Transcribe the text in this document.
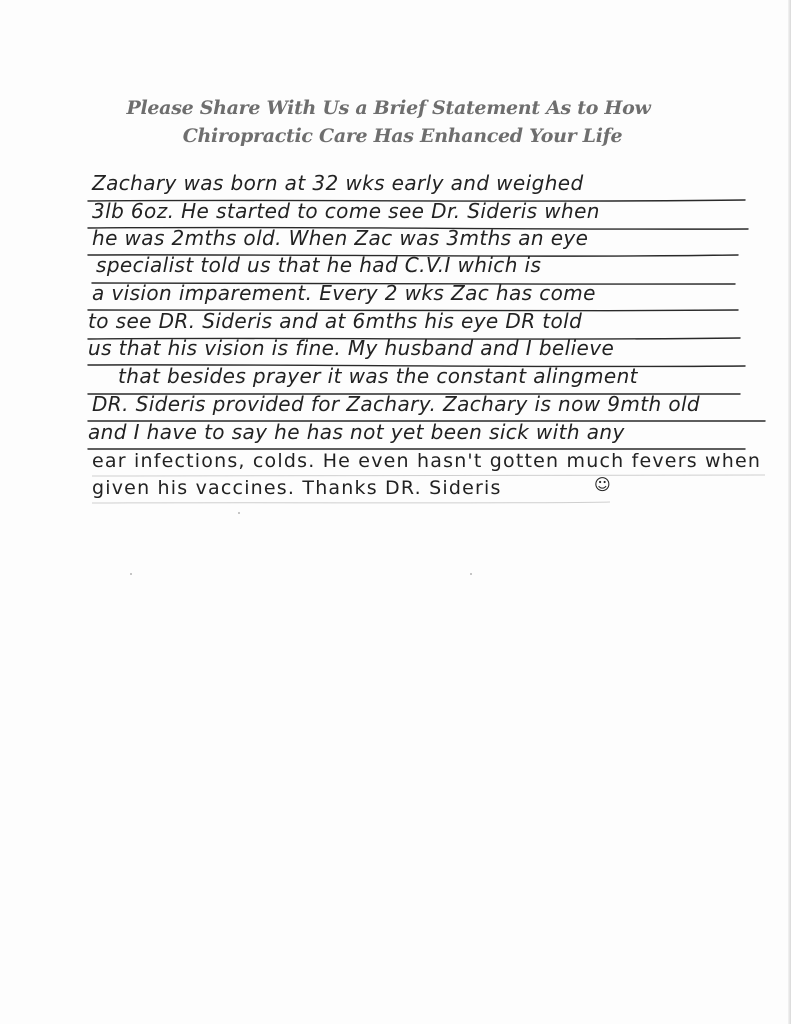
Please Share With Us a Brief Statement As to How
Chiropractic Care Has Enhanced Your Life
Zachary was born at 32 wks early and weighed
3lb 6oz. He started to come see Dr. Sideris when
he was 2mths old. When Zac was 3mths an eye
specialist told us that he had C.V.I which is
a vision imparement. Every 2 wks Zac has come
to see DR. Sideris and at 6mths his eye DR told
us that his vision is fine. My husband and I believe
that besides prayer it was the constant alingment
DR. Sideris provided for Zachary. Zachary is now 9mth old
and I have to say he has not yet been sick with any
ear infections, colds. He even hasn't gotten much fevers when
given his vaccines. Thanks DR. Sideris	☺
